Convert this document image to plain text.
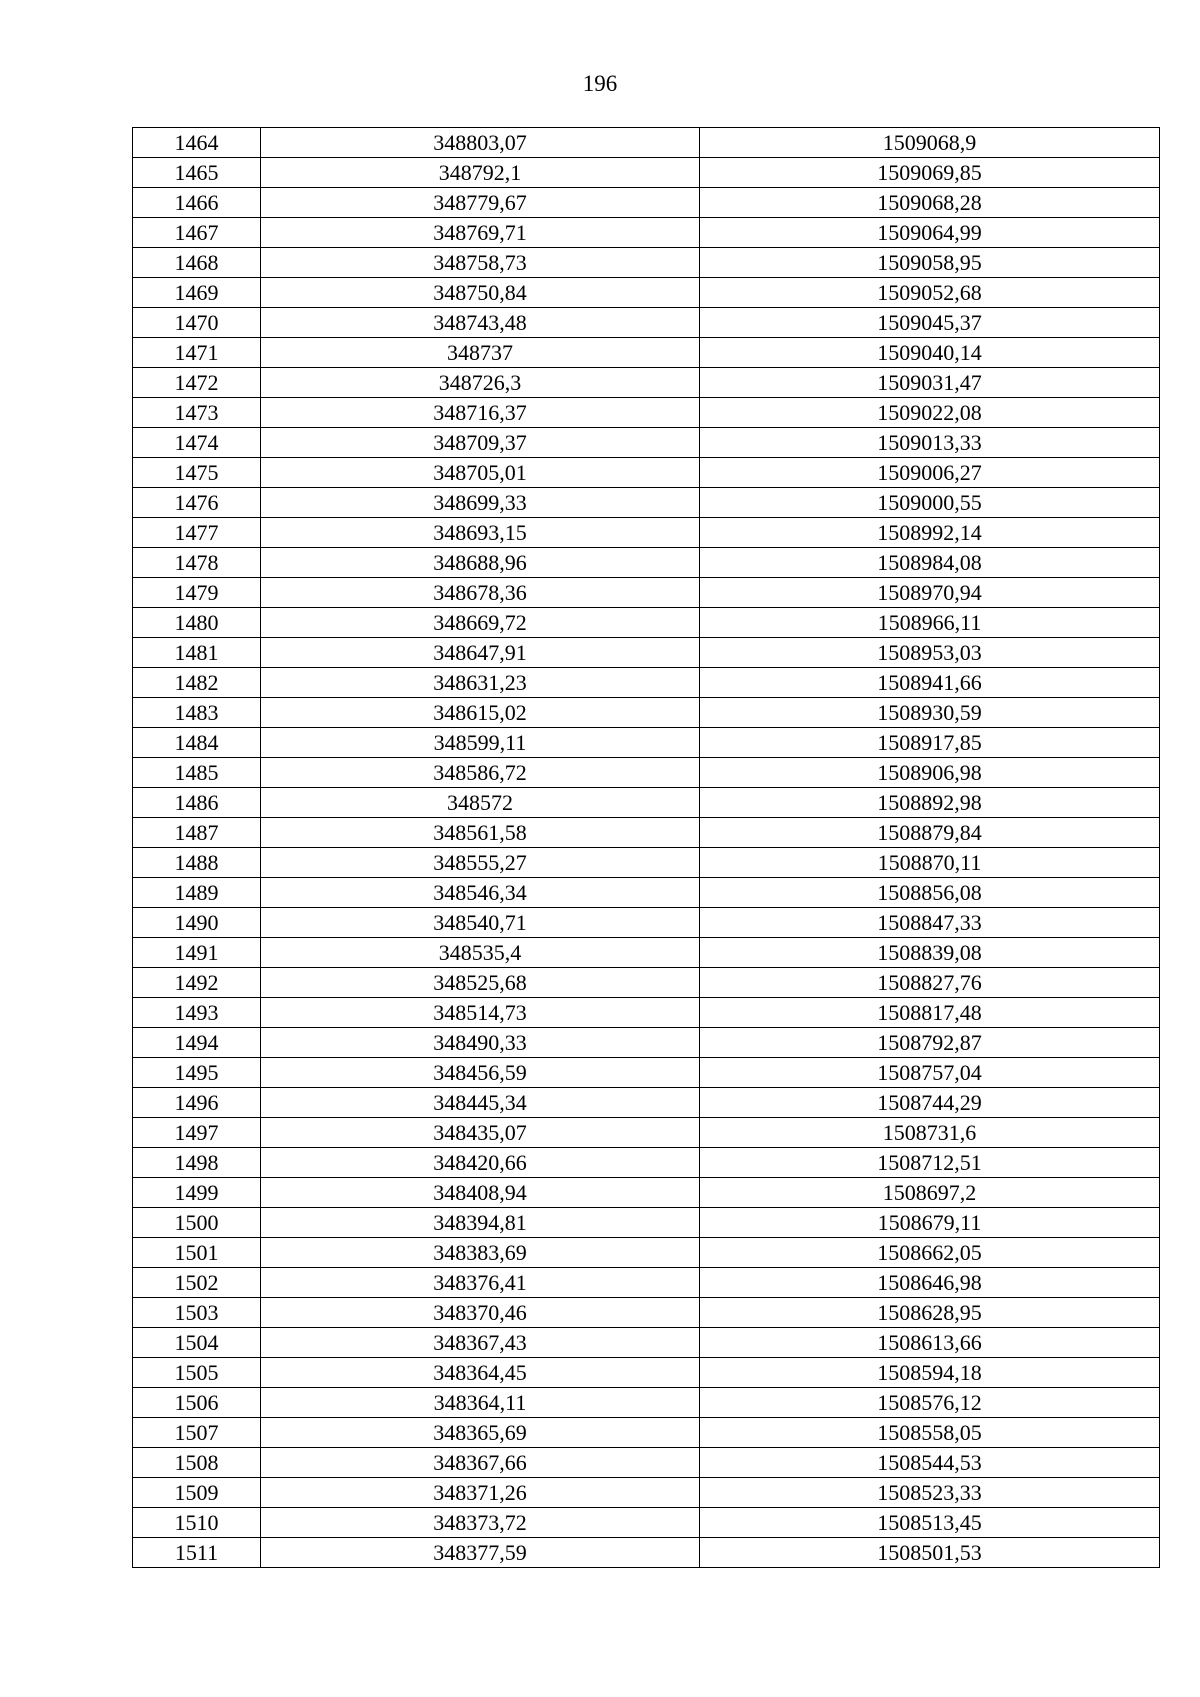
196
1464	348803,07	1509068,9
1465	348792,1	1509069,85
1466	348779,67	1509068,28
1467	348769,71	1509064,99
1468	348758,73	1509058,95
1469	348750,84	1509052,68
1470	348743,48	1509045,37
1471	348737	1509040,14
1472	348726,3	1509031,47
1473	348716,37	1509022,08
1474	348709,37	1509013,33
1475	348705,01	1509006,27
1476	348699,33	1509000,55
1477	348693,15	1508992,14
1478	348688,96	1508984,08
1479	348678,36	1508970,94
1480	348669,72	1508966,11
1481	348647,91	1508953,03
1482	348631,23	1508941,66
1483	348615,02	1508930,59
1484	348599,11	1508917,85
1485	348586,72	1508906,98
1486	348572	1508892,98
1487	348561,58	1508879,84
1488	348555,27	1508870,11
1489	348546,34	1508856,08
1490	348540,71	1508847,33
1491	348535,4	1508839,08
1492	348525,68	1508827,76
1493	348514,73	1508817,48
1494	348490,33	1508792,87
1495	348456,59	1508757,04
1496	348445,34	1508744,29
1497	348435,07	1508731,6
1498	348420,66	1508712,51
1499	348408,94	1508697,2
1500	348394,81	1508679,11
1501	348383,69	1508662,05
1502	348376,41	1508646,98
1503	348370,46	1508628,95
1504	348367,43	1508613,66
1505	348364,45	1508594,18
1506	348364,11	1508576,12
1507	348365,69	1508558,05
1508	348367,66	1508544,53
1509	348371,26	1508523,33
1510	348373,72	1508513,45
1511	348377,59	1508501,53
